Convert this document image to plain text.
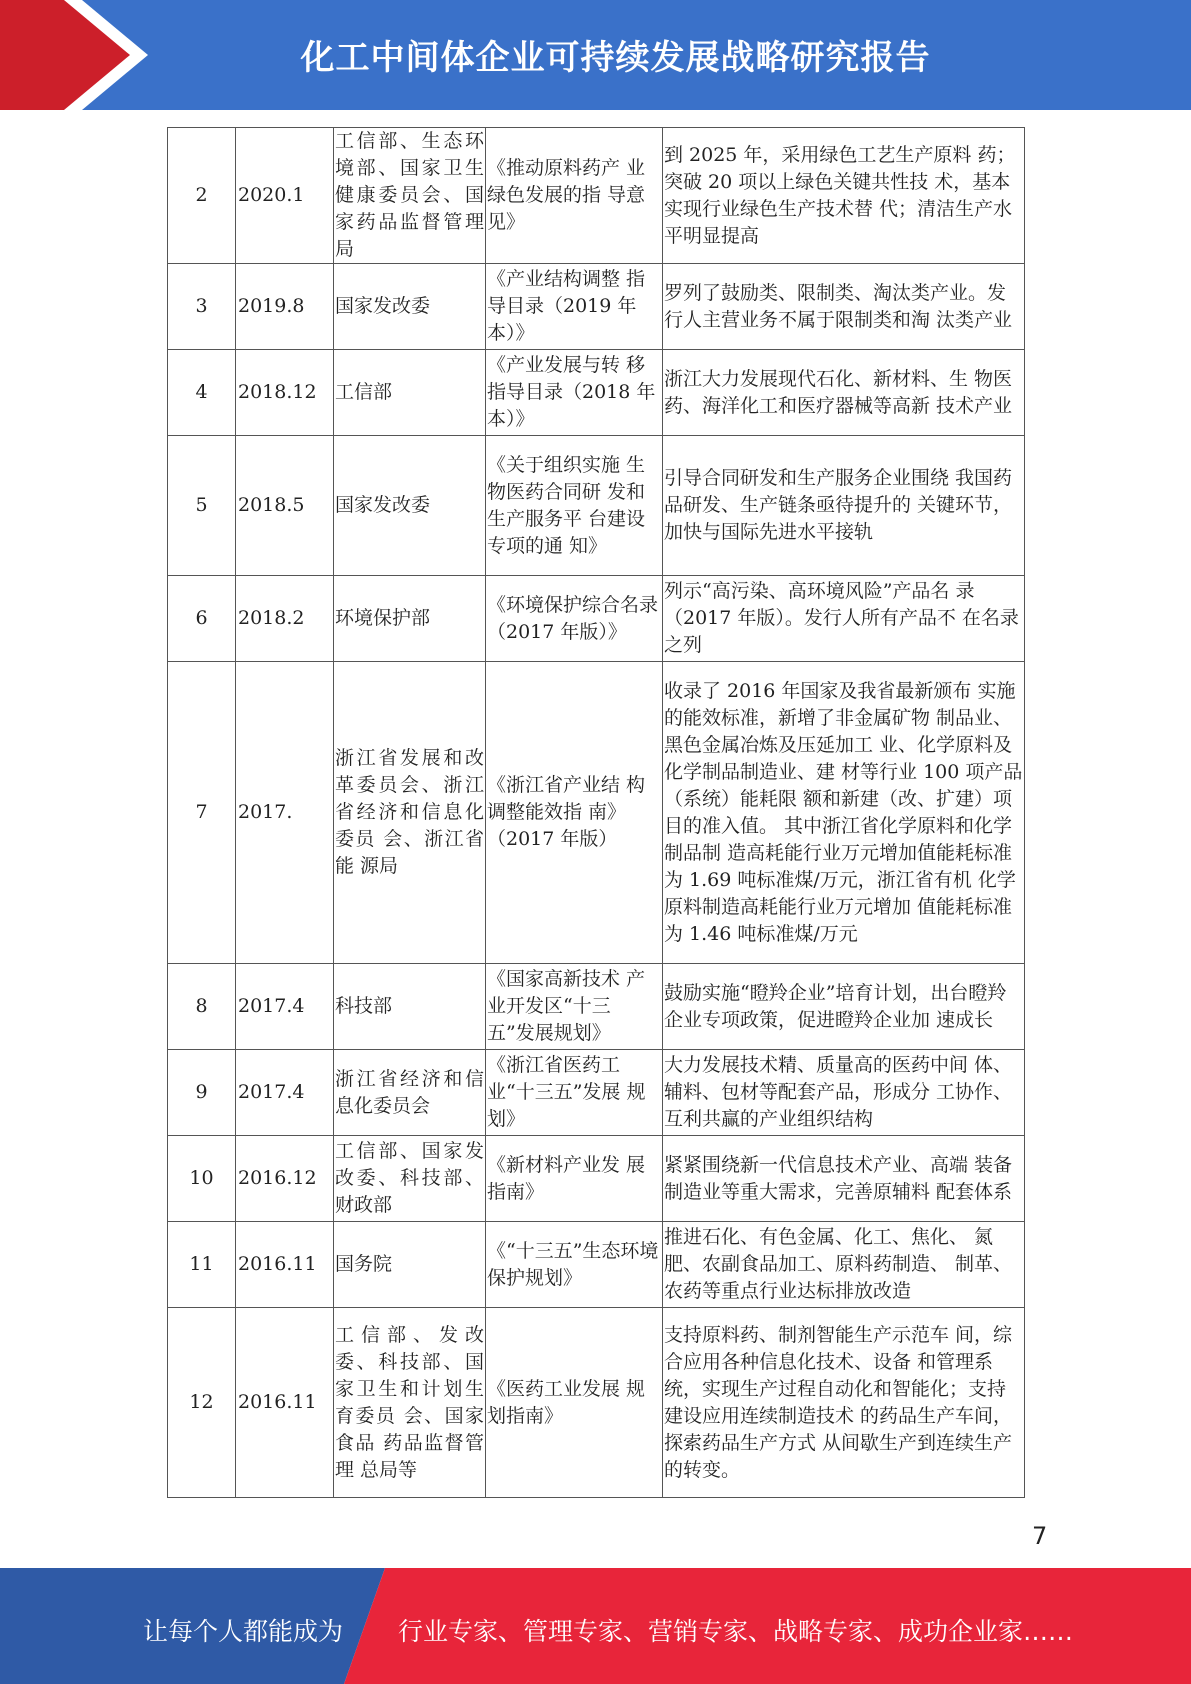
化工中间体企业可持续发展战略研究报告
2	2020.1	工信部、生态环境部、国家卫生健康委员会、国家药品监督管理局	《推动原料药产 业绿色发展的指 导意见》	到 2025 年，采用绿色工艺生产原料 药；突破 20 项以上绿色关键共性技 术，基本实现行业绿色生产技术替 代；清洁生产水平明显提高
3	2019.8	国家发改委	《产业结构调整 指导目录（2019 年本）》	罗列了鼓励类、限制类、淘汰类产业。发行人主营业务不属于限制类和淘 汰类产业
4	2018.12	工信部	《产业发展与转 移指导目录（2018 年本）》	浙江大力发展现代石化、新材料、生 物医药、海洋化工和医疗器械等高新 技术产业
5	2018.5	国家发改委	《关于组织实施 生物医药合同研 发和生产服务平 台建设专项的通 知》	引导合同研发和生产服务企业围绕 我国药品研发、生产链条亟待提升的 关键环节，加快与国际先进水平接轨
6	2018.2	环境保护部	《环境保护综合名录（2017 年版）》	列示“高污染、高环境风险”产品名 录（2017 年版）。发行人所有产品不 在名录之列
7	2017.	浙江省发展和改革委员会、浙江省经济和信息化委员 会、浙江省能 源局	《浙江省产业结 构调整能效指 南》（2017 年版）	收录了 2016 年国家及我省最新颁布 实施的能效标准，新增了非金属矿物 制品业、黑色金属冶炼及压延加工 业、化学原料及化学制品制造业、建 材等行业 100 项产品（系统）能耗限 额和新建（改、扩建）项目的准入值。 其中浙江省化学原料和化学制品制 造高耗能行业万元增加值能耗标准 为 1.69 吨标准煤/万元，浙江省有机 化学原料制造高耗能行业万元增加 值能耗标准为 1.46 吨标准煤/万元
8	2017.4	科技部	《国家高新技术 产业开发区“十三 五”发展规划》	鼓励实施“瞪羚企业”培育计划，出台瞪羚企业专项政策，促进瞪羚企业加 速成长
9	2017.4	浙江省经济和信息化委员会	《浙江省医药工 业“十三五”发展 规划》	大力发展技术精、质量高的医药中间 体、辅料、包材等配套产品，形成分 工协作、互利共赢的产业组织结构
10	2016.12	工信部、国家发改委、科技部、财政部	《新材料产业发 展指南》	紧紧围绕新一代信息技术产业、高端 装备制造业等重大需求，完善原辅料 配套体系
11	2016.11	国务院	《“十三五”生态环境保护规划》	推进石化、有色金属、化工、焦化、 氮肥、农副食品加工、原料药制造、 制革、农药等重点行业达标排放改造
12	2016.11	工信部、发改委、科技部、国家卫生和计划生育委员 会、国家食品 药品监督管理 总局等	《医药工业发展 规划指南》	支持原料药、制剂智能生产示范车 间，综合应用各种信息化技术、设备 和管理系统，实现生产过程自动化和智能化；支持建设应用连续制造技术 的药品生产车间，探索药品生产方式 从间歇生产到连续生产的转变。
7
让每个人都能成为 行业专家、管理专家、营销专家、战略专家、成功企业家……
